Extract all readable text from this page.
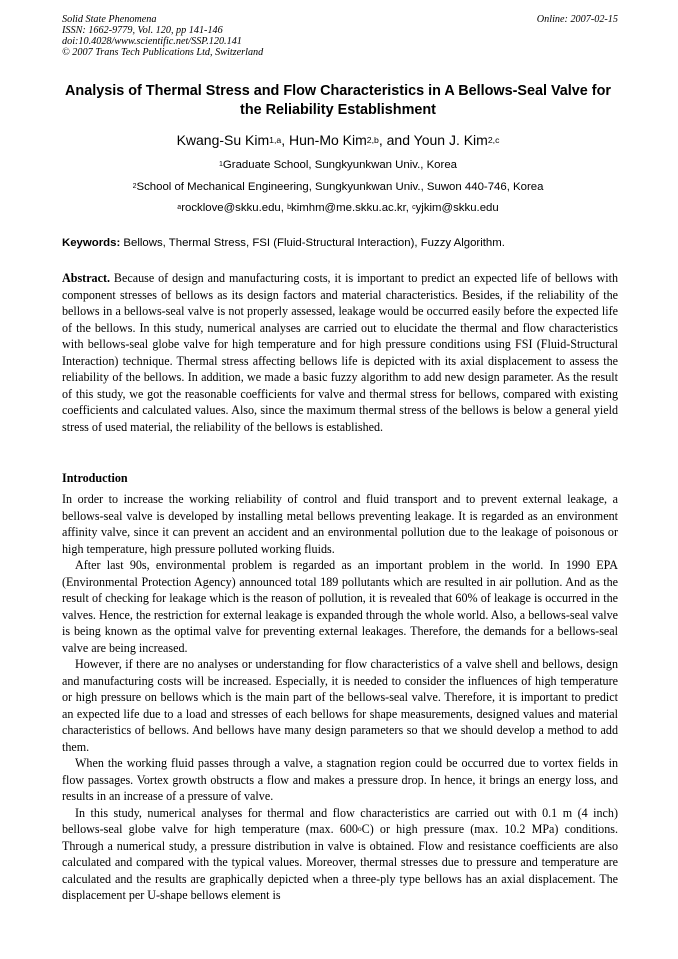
Solid State Phenomena
ISSN: 1662-9779, Vol. 120, pp 141-146
doi:10.4028/www.scientific.net/SSP.120.141
© 2007 Trans Tech Publications Ltd, Switzerland
Online: 2007-02-15
Analysis of Thermal Stress and Flow Characteristics in A Bellows-Seal Valve for the Reliability Establishment
Kwang-Su Kim$^{1,a}$, Hun-Mo Kim$^{2,b}$, and Youn J. Kim$^{2,c}$
$^1$Graduate School, Sungkyunkwan Univ., Korea
$^2$School of Mechanical Engineering, Sungkyunkwan Univ., Suwon 440-746, Korea
$^a$rocklove@skku.edu, $^b$kimhm@me.skku.ac.kr, $^c$yjkim@skku.edu
Keywords: Bellows, Thermal Stress, FSI (Fluid-Structural Interaction), Fuzzy Algorithm.
Abstract. Because of design and manufacturing costs, it is important to predict an expected life of bellows with component stresses of bellows as its design factors and material characteristics. Besides, if the reliability of the bellows in a bellows-seal valve is not properly assessed, leakage would be occurred easily before the expected life of the bellows. In this study, numerical analyses are carried out to elucidate the thermal and flow characteristics with bellows-seal globe valve for high temperature and for high pressure conditions using FSI (Fluid-Structural Interaction) technique. Thermal stress affecting bellows life is depicted with its axial displacement to assess the reliability of the bellows. In addition, we made a basic fuzzy algorithm to add new design parameter. As the result of this study, we got the reasonable coefficients for valve and thermal stress for bellows, compared with existing coefficients and calculated values. Also, since the maximum thermal stress of the bellows is below a general yield stress of used material, the reliability of the bellows is established.
Introduction

In order to increase the working reliability of control and fluid transport and to prevent external leakage, a bellows-seal valve is developed by installing metal bellows preventing leakage. It is regarded as an environment affinity valve, since it can prevent an accident and an environmental pollution due to the leakage of poisonous or high temperature, high pressure polluted working fluids.

After last 90s, environmental problem is regarded as an important problem in the world. In 1990 EPA (Environmental Protection Agency) announced total 189 pollutants which are resulted in air pollution. And as the result of checking for leakage which is the reason of pollution, it is revealed that 60% of leakage is occurred in the valves. Hence, the restriction for external leakage is expanded through the whole world. Also, a bellows-seal valve is being known as the optimal valve for preventing external leakages. Therefore, the demands for a bellows-seal valve are being increased.

However, if there are no analyses or understanding for flow characteristics of a valve shell and bellows, design and manufacturing costs will be increased. Especially, it is needed to consider the influences of high temperature or high pressure on bellows which is the main part of the bellows-seal valve. Therefore, it is important to predict an expected life due to a load and stresses of each bellows for shape measurements, designed values and material characteristics of bellows. And bellows have many design parameters so that we should develop a method to add them.

When the working fluid passes through a valve, a stagnation region could be occurred due to vortex fields in flow passages. Vortex growth obstructs a flow and makes a pressure drop. In hence, it brings an energy loss, and results in an increase of a pressure of valve.

In this study, numerical analyses for thermal and flow characteristics are carried out with 0.1 m (4 inch) bellows-seal globe valve for high temperature (max. 600$^o$C) or high pressure (max. 10.2 MPa) conditions. Through a numerical study, a pressure distribution in valve is obtained. Flow and resistance coefficients are also calculated and compared with the typical values. Moreover, thermal stresses due to pressure and temperature are calculated and the results are graphically depicted when a three-ply type bellows has an axial displacement. The displacement per U-shape bellows element is
